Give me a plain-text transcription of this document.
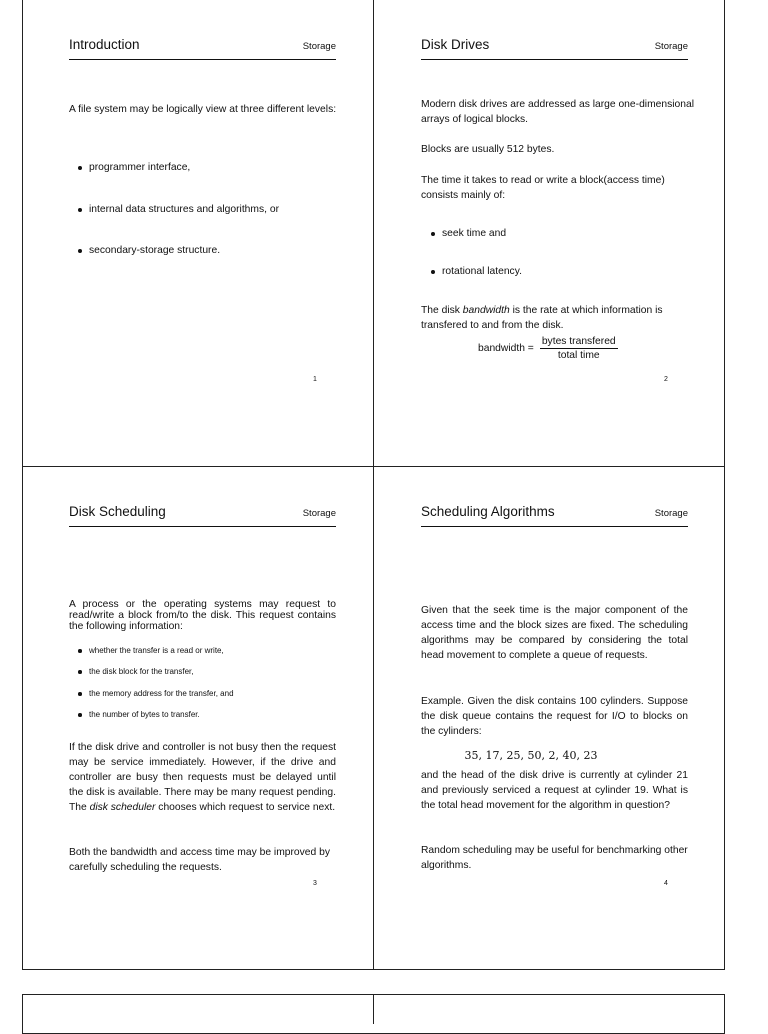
Introduction	Storage

A file system may be logically view at three different levels:

programmer interface,
internal data structures and algorithms, or
secondary-storage structure.
1
Disk Drives	Storage

Modern disk drives are addressed as large one-dimensional arrays of logical blocks.

Blocks are usually 512 bytes.

The time it takes to read or write a block(access time) consists mainly of:

seek time and
rotational latency.

The disk bandwidth is the rate at which information is transfered to and from the disk.

bandwidth = $\frac{\text{bytes transfered}}{\text{total time}}$
2
Disk Scheduling	Storage

A process or the operating systems may request to read/write a block from/to the disk. This request contains the following information:

whether the transfer is a read or write,
the disk block for the transfer,
the memory address for the transfer, and
the number of bytes to transfer.

If the disk drive and controller is not busy then the request may be service immediately. However, if the drive and controller are busy then requests must be delayed until the disk is available. There may be many request pending. The disk scheduler chooses which request to service next.

Both the bandwidth and access time may be improved by carefully scheduling the requests.

3
Scheduling Algorithms	Storage

Given that the seek time is the major component of the access time and the block sizes are fixed. The scheduling algorithms may be compared by considering the total head movement to complete a queue of requests.

Example. Given the disk contains 100 cylinders. Suppose the disk queue contains the request for I/O to blocks on the cylinders:

35, 17, 25, 50, 2, 40, 23

and the head of the disk drive is currently at cylinder 21 and previously serviced a request at cylinder 19. What is the total head movement for the algorithm in question?

Random scheduling may be useful for benchmarking other algorithms.

4
